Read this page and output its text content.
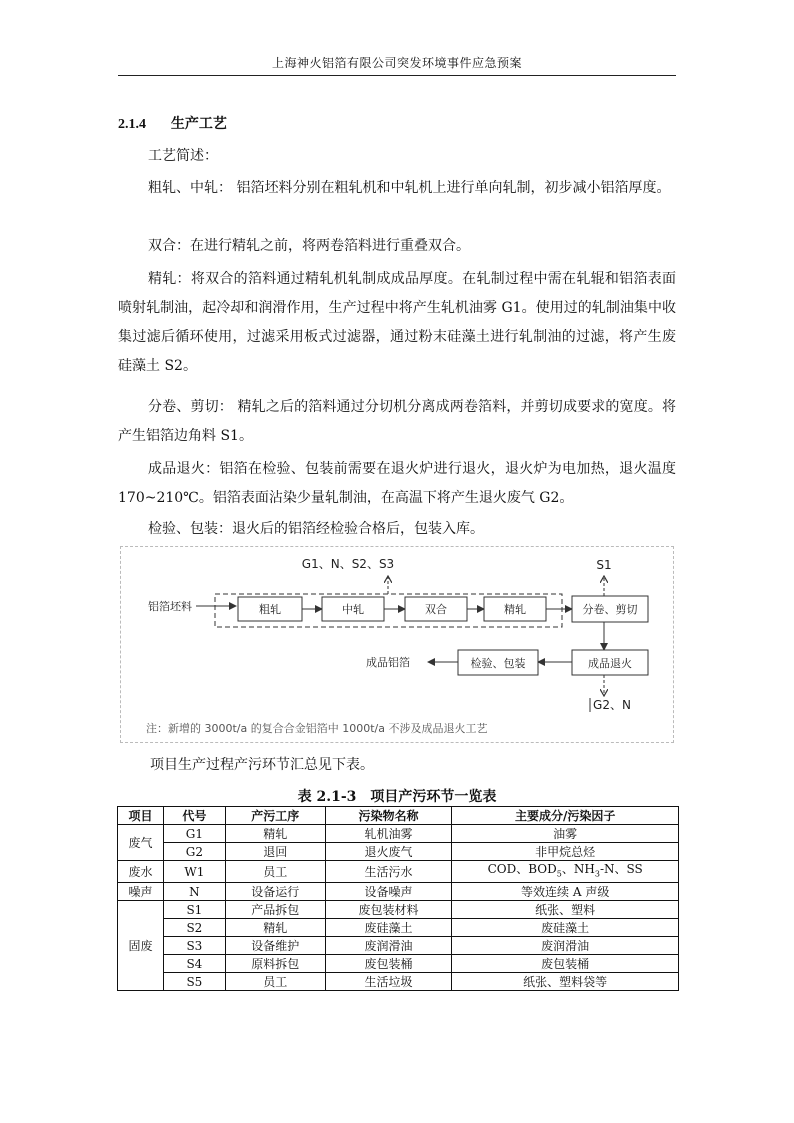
上海神火铝箔有限公司突发环境事件应急预案
2.1.4 生产工艺
工艺简述：
粗轧、中轧： 铝箔坯料分别在粗轧机和中轧机上进行单向轧制，初步减小铝箔厚度。
双合：在进行精轧之前，将两卷箔料进行重叠双合。
精轧：将双合的箔料通过精轧机轧制成成品厚度。在轧制过程中需在轧辊和铝箔表面喷射轧制油，起冷却和润滑作用，生产过程中将产生轧机油雾 G1。使用过的轧制油集中收集过滤后循环使用，过滤采用板式过滤器，通过粉末硅藻土进行轧制油的过滤，将产生废硅藻土 S2。
分卷、剪切： 精轧之后的箔料通过分切机分离成两卷箔料，并剪切成要求的宽度。将产生铝箔边角料 S1。
成品退火：铝箔在检验、包装前需要在退火炉进行退火，退火炉为电加热，退火温度 170~210℃。铝箔表面沾染少量轧制油，在高温下将产生退火废气 G2。
检验、包装：退火后的铝箔经检验合格后，包装入库。
G1、N、S2、S3
铝箔坯料	粗轧	中轧	双合	精轧	分卷、剪切
S1
成品退火
G2、N
检验、包装
成品铝箔
注：新增的 3000t/a 的复合合金铝箔中 1000t/a 不涉及成品退火工艺
项目生产过程产污环节汇总见下表。
表 2.1-3　项目产污环节一览表
项目	代号	产污工序	污染物名称	主要成分/污染因子
废气	G1	精轧	轧机油雾	油雾
	G2	退回	退火废气	非甲烷总烃
废水	W1	员工	生活污水	COD、$BOD_5$、$NH_3-N$、SS
噪声	N	设备运行	设备噪声	等效连续 A 声级
固废	S1	产品拆包	废包装材料	纸张、塑料
	S2	精轧	废硅藻土	废硅藻土
	S3	设备维护	废润滑油	废润滑油
	S4	原料拆包	废包装桶	废包装桶
	S5	员工	生活垃圾	纸张、塑料袋等
